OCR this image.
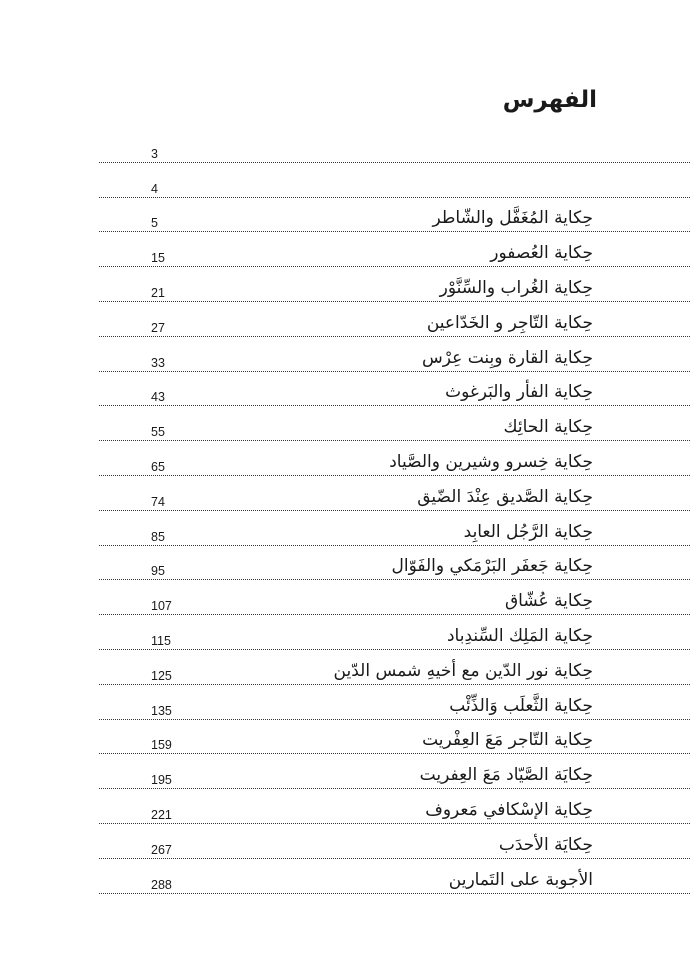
الفهرس
3
4
حِكاية المُغَفَّل والشّاطر
5
حِكاية العُصفور
15
حِكاية الغُراب والسِّنَّوْر
21
حِكاية التّاجِر و الخَدّاعين
27
حِكاية القارة وبِنت عِرْس
33
حِكاية الفأر والبَرغوث
43
حِكاية الحائِك
55
حِكاية خِسرو وشيرين والصَّياد
65
حِكاية الصَّديق عِنْدَ الضّيق
74
حِكاية الرَّجُل العابِد
85
حِكاية جَعفَر البَرْمَكي والفَوّال
95
حِكاية عُشّاق
107
حِكاية المَلِك السِّندِباد
115
حِكاية نور الدّين مع أخيهِ شمس الدّين
125
حِكاية الثَّعلَب وَالذِّئْب
135
حِكاية التّاجر مَعَ العِفْريت
159
حِكايَة الصَّيّاد مَعَ العِفريت
195
حِكاية الإسْكافي مَعروف
221
حِكايَة الأحدَب
267
الأجوبة على التَمارين
288
